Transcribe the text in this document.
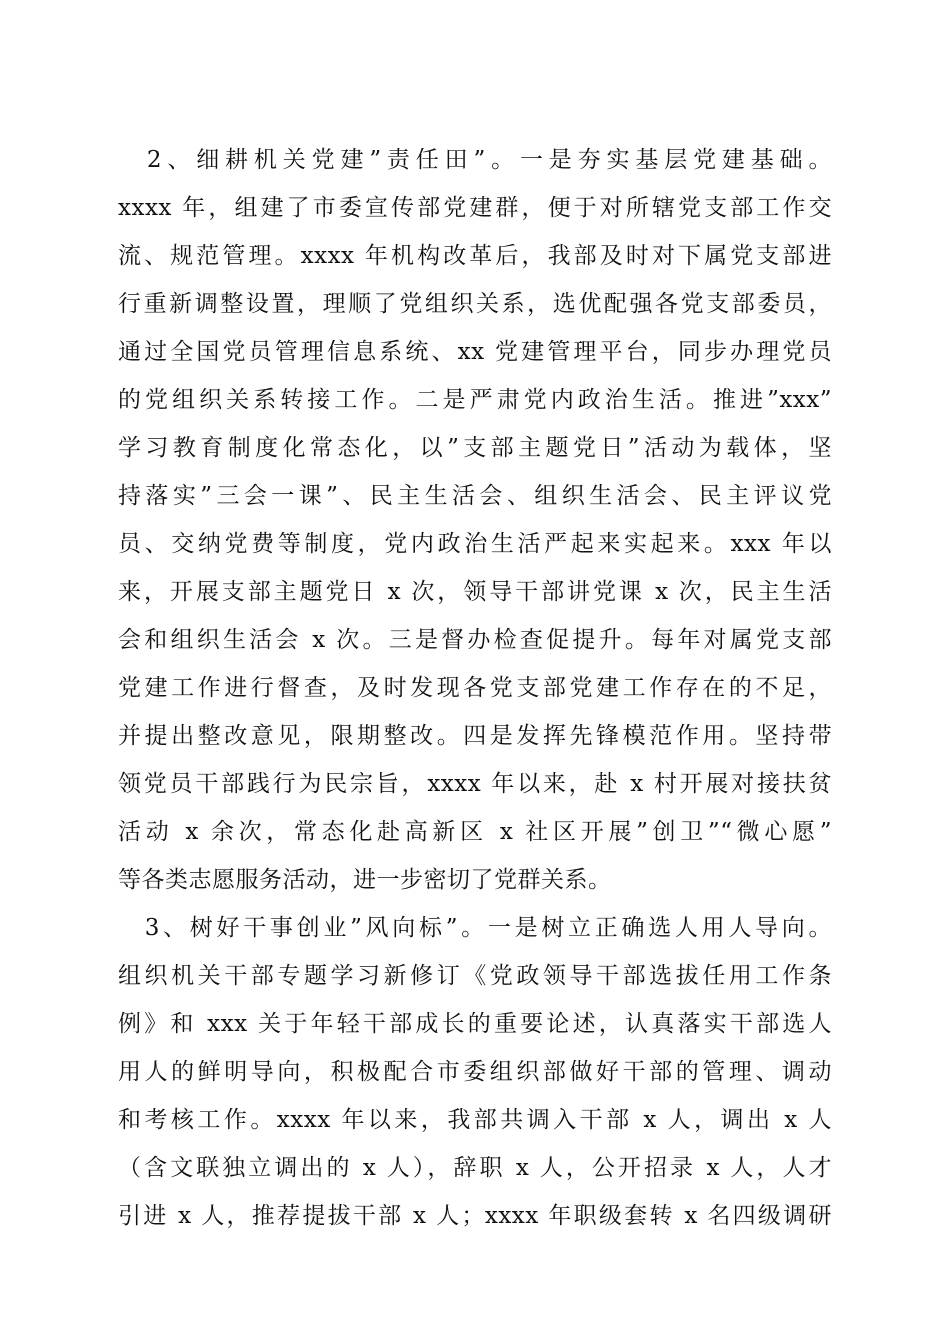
　2、细耕机关党建”责任田”。一是夯实基层党建基础。
xxxx 年，组建了市委宣传部党建群，便于对所辖党支部工作交
流、规范管理。xxxx 年机构改革后，我部及时对下属党支部进
行重新调整设置，理顺了党组织关系，选优配强各党支部委员，
通过全国党员管理信息系统、xx 党建管理平台，同步办理党员
的党组织关系转接工作。二是严肃党内政治生活。推进”xxx”
学习教育制度化常态化，以”支部主题党日”活动为载体，坚
持落实”三会一课”、民主生活会、组织生活会、民主评议党
员、交纳党费等制度，党内政治生活严起来实起来。xxx 年以
来，开展支部主题党日 x 次，领导干部讲党课 x 次，民主生活
会和组织生活会 x 次。三是督办检查促提升。每年对属党支部
党建工作进行督查，及时发现各党支部党建工作存在的不足，
并提出整改意见，限期整改。四是发挥先锋模范作用。坚持带
领党员干部践行为民宗旨，xxxx 年以来，赴 x 村开展对接扶贫
活动 x 余次，常态化赴高新区 x 社区开展”创卫”“微心愿”
等各类志愿服务活动，进一步密切了党群关系。
　3、树好干事创业”风向标”。一是树立正确选人用人导向。
组织机关干部专题学习新修订《党政领导干部选拔任用工作条
例》和 xxx 关于年轻干部成长的重要论述，认真落实干部选人
用人的鲜明导向，积极配合市委组织部做好干部的管理、调动
和考核工作。xxxx 年以来，我部共调入干部 x 人，调出 x 人
（含文联独立调出的 x 人），辞职 x 人，公开招录 x 人，人才
引进 x 人，推荐提拔干部 x 人；xxxx 年职级套转 x 名四级调研
